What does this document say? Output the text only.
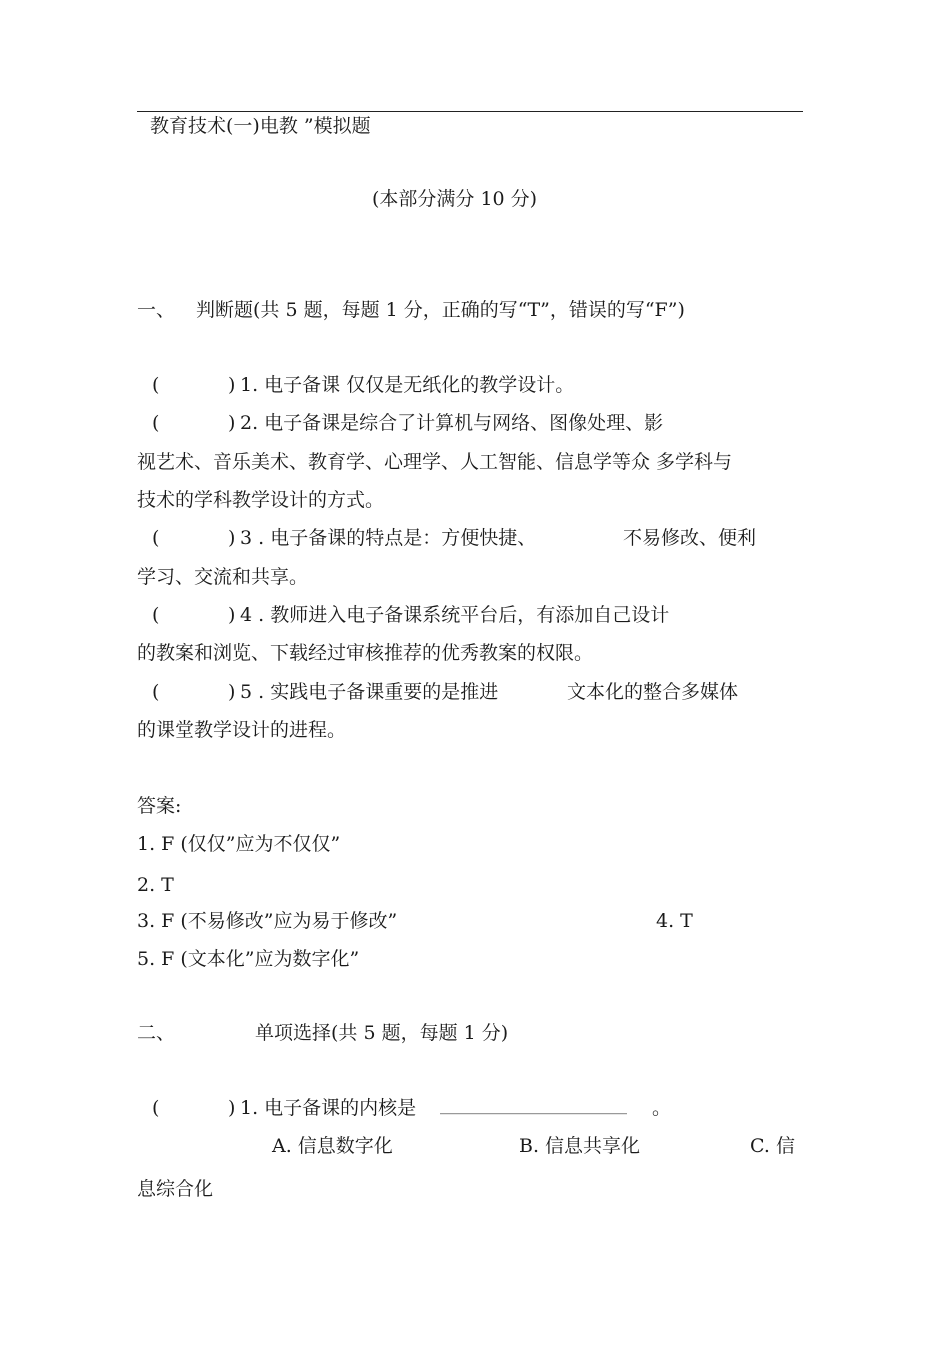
教育技术(一)电教 ”模拟题
(本部分满分 10 分)
一、 判断题(共 5 题，每题 1 分，正确的写“T”，错误的写“F”)
(	) 1. 电子备课 仅仅是无纸化的教学设计。
(	) 2. 电子备课是综合了计算机与网络、图像处理、影
视艺术、音乐美术、教育学、心理学、人工智能、信息学等众 多学科与
技术的学科教学设计的方式。
(	) 3 . 电子备课的特点是：方便快捷、	不易修改、便利
学习、交流和共享。
(	) 4 . 教师进入电子备课系统平台后，有添加自己设计
的教案和浏览、下载经过审核推荐的优秀教案的权限。
(	) 5 . 实践电子备课重要的是推进	文本化的整合多媒体
的课堂教学设计的进程。
答案:
1. F (仅仅”应为不仅仅”
2. T
3. F (不易修改”应为易于修改”	4. T
5. F (文本化”应为数字化”
二、	单项选择(共 5 题，每题 1 分)
(	) 1. 电子备课的内核是 ______________________ 。
A. 信息数字化	B. 信息共享化	C. 信
息综合化
